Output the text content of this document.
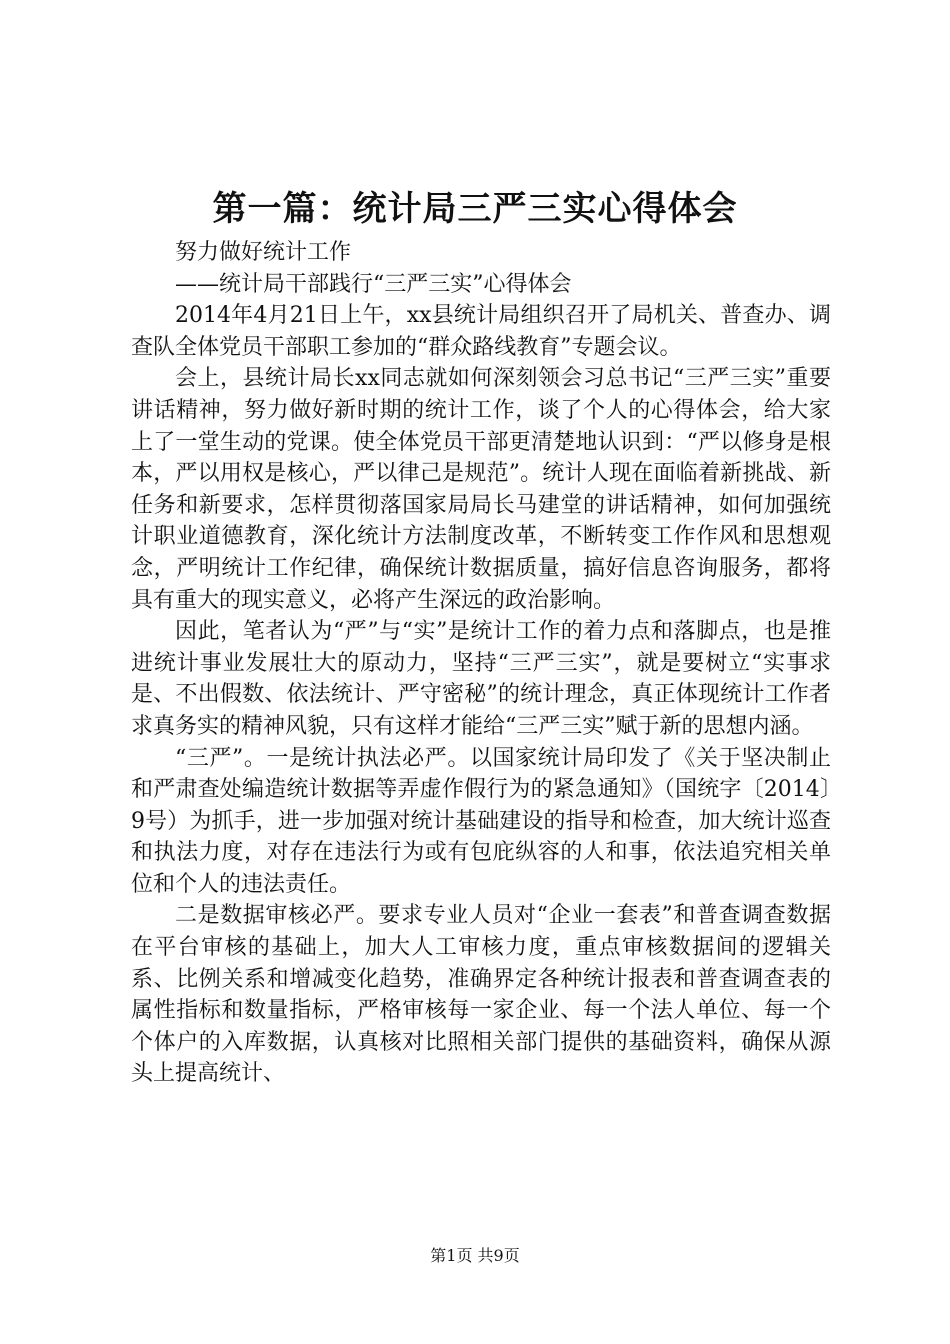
第一篇：统计局三严三实心得体会

努力做好统计工作

——统计局干部践行“三严三实”心得体会

2014年4月21日上午，xx县统计局组织召开了局机关、普查办、调查队全体党员干部职工参加的“群众路线教育”专题会议。

会上，县统计局长xx同志就如何深刻领会习总书记“三严三实”重要讲话精神，努力做好新时期的统计工作，谈了个人的心得体会，给大家上了一堂生动的党课。使全体党员干部更清楚地认识到：“严以修身是根本，严以用权是核心，严以律己是规范”。统计人现在面临着新挑战、新任务和新要求，怎样贯彻落国家局局长马建堂的讲话精神，如何加强统计职业道德教育，深化统计方法制度改革，不断转变工作作风和思想观念，严明统计工作纪律，确保统计数据质量，搞好信息咨询服务，都将具有重大的现实意义，必将产生深远的政治影响。

因此，笔者认为“严”与“实”是统计工作的着力点和落脚点，也是推进统计事业发展壮大的原动力，坚持“三严三实”，就是要树立“实事求是、不出假数、依法统计、严守密秘”的统计理念，真正体现统计工作者求真务实的精神风貌，只有这样才能给“三严三实”赋于新的思想内涵。

“三严”。一是统计执法必严。以国家统计局印发了《关于坚决制止和严肃查处编造统计数据等弄虚作假行为的紧急通知》（国统字〔2014〕9号）为抓手，进一步加强对统计基础建设的指导和检查，加大统计巡查和执法力度，对存在违法行为或有包庇纵容的人和事，依法追究相关单位和个人的违法责任。

二是数据审核必严。要求专业人员对“企业一套表”和普查调查数据在平台审核的基础上，加大人工审核力度，重点审核数据间的逻辑关系、比例关系和增减变化趋势，准确界定各种统计报表和普查调查表的属性指标和数量指标，严格审核每一家企业、每一个法人单位、每一个个体户的入库数据，认真核对比照相关部门提供的基础资料，确保从源头上提高统计、

第1页 共9页
